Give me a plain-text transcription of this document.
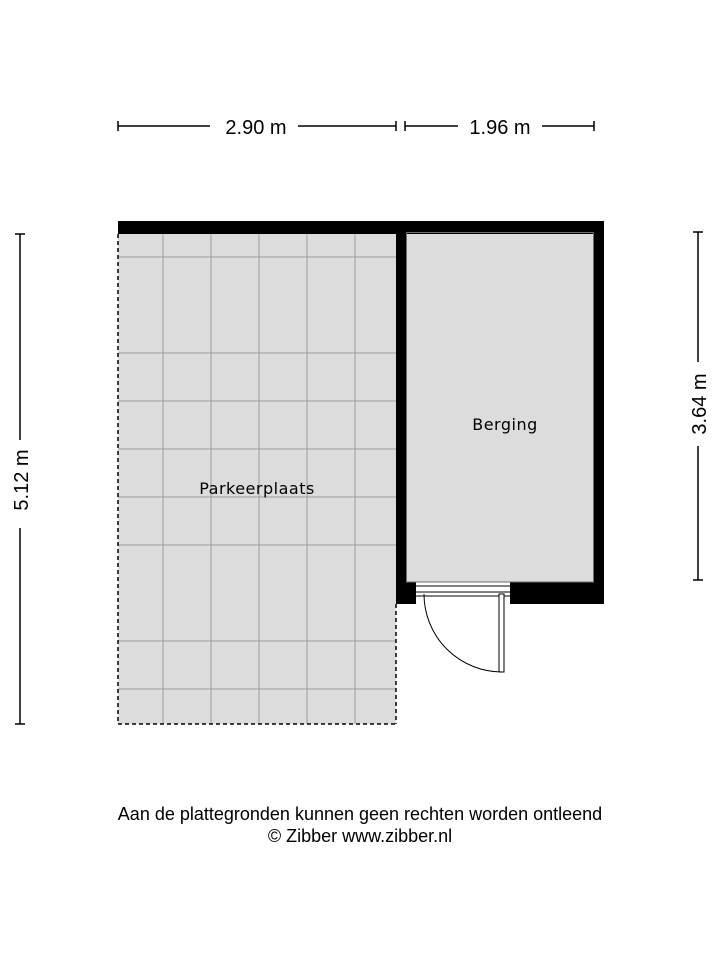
2.90 m	1.96 m
5.12 m
3.64 m
Parkeerplaats
Berging
Aan de plattegronden kunnen geen rechten worden ontleend
© Zibber www.zibber.nl
